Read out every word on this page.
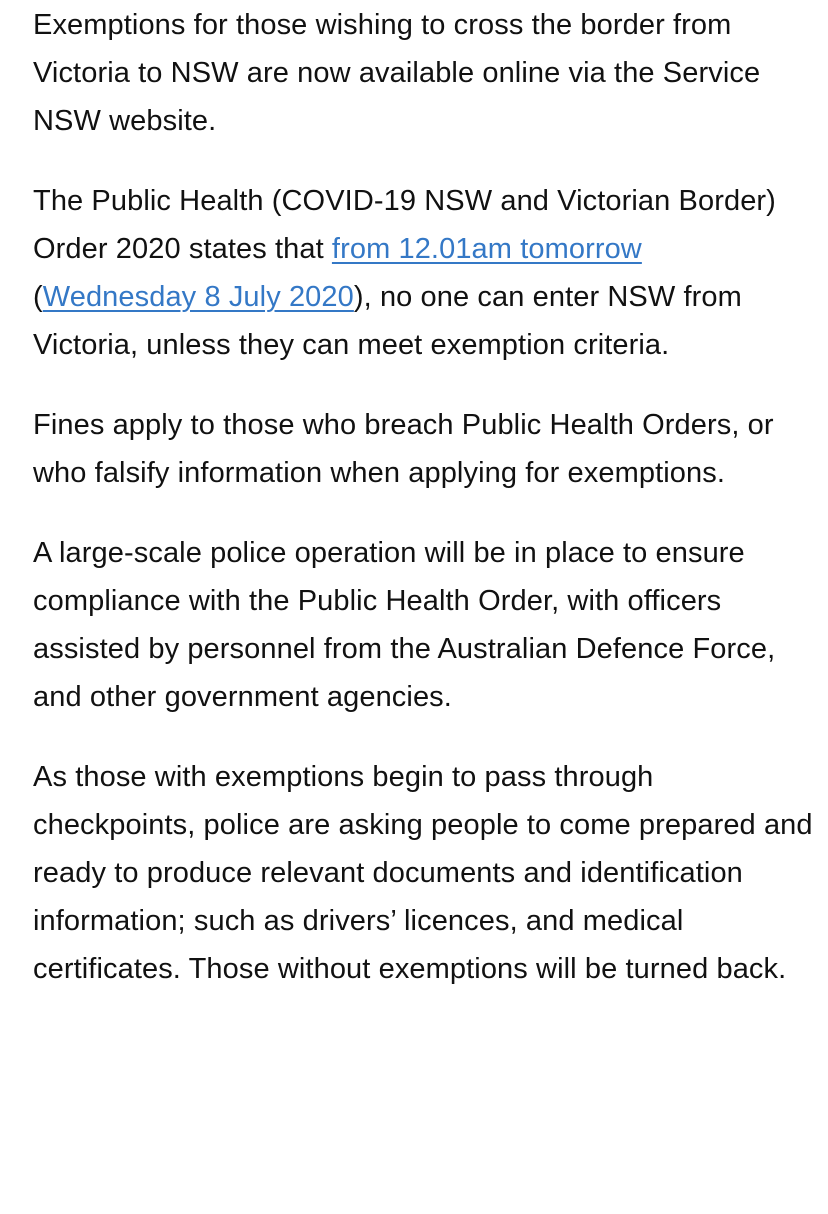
Exemptions for those wishing to cross the border from Victoria to NSW are now available online via the Service NSW website.

The Public Health (COVID-19 NSW and Victorian Border) Order 2020 states that from 12.01am tomorrow (Wednesday 8 July 2020), no one can enter NSW from Victoria, unless they can meet exemption criteria.

Fines apply to those who breach Public Health Orders, or who falsify information when applying for exemptions.

A large-scale police operation will be in place to ensure compliance with the Public Health Order, with officers assisted by personnel from the Australian Defence Force, and other government agencies.

As those with exemptions begin to pass through checkpoints, police are asking people to come prepared and ready to produce relevant documents and identification information; such as drivers’ licences, and medical certificates. Those without exemptions will be turned back.
